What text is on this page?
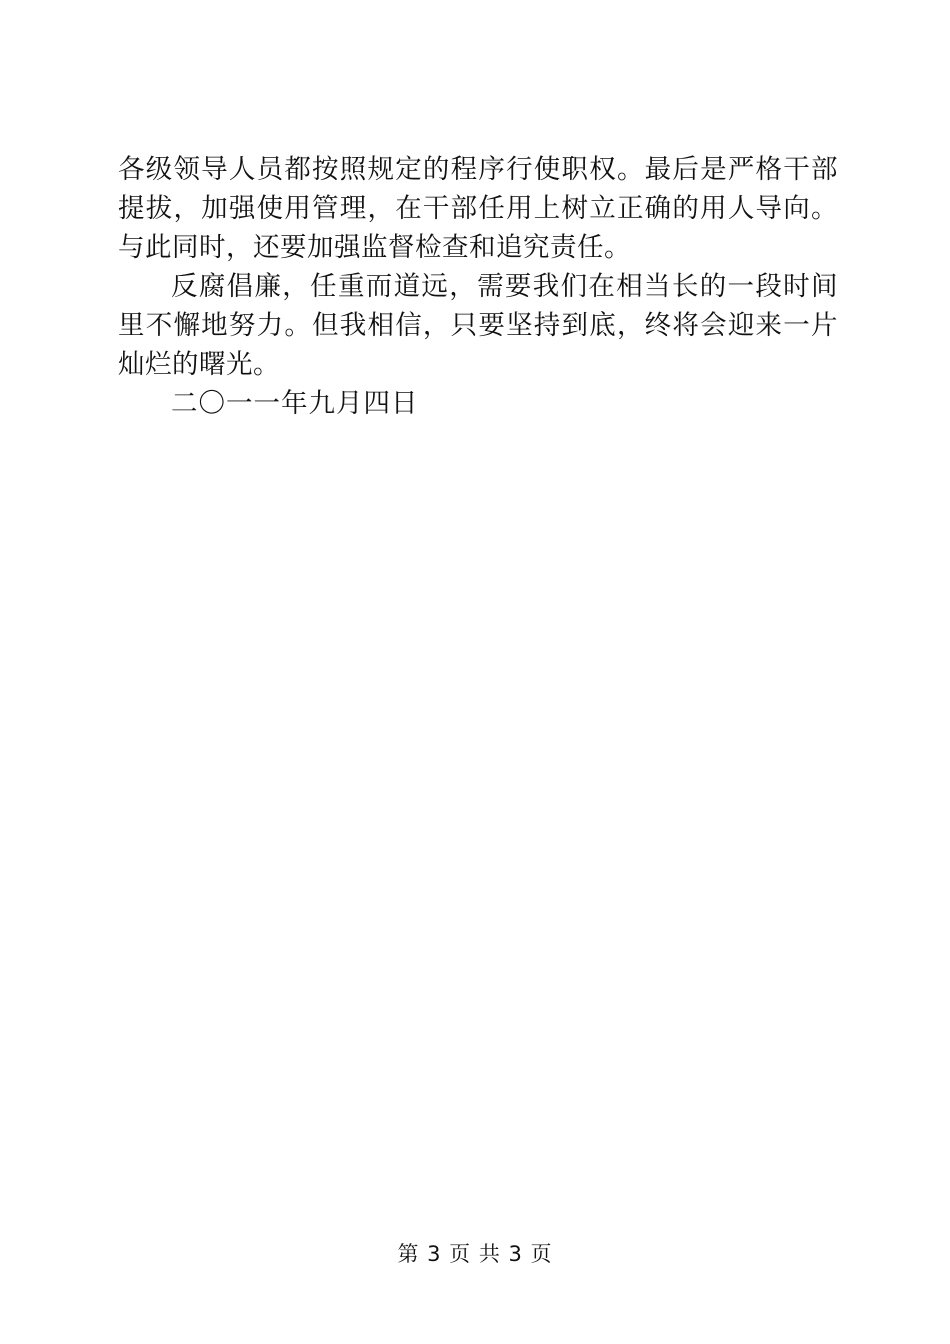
各级领导人员都按照规定的程序行使职权。最后是严格干部提拔，加强使用管理，在干部任用上树立正确的用人导向。与此同时，还要加强监督检查和追究责任。

反腐倡廉，任重而道远，需要我们在相当长的一段时间里不懈地努力。但我相信，只要坚持到底，终将会迎来一片灿烂的曙光。

二〇一一年九月四日

第 3 页 共 3 页
